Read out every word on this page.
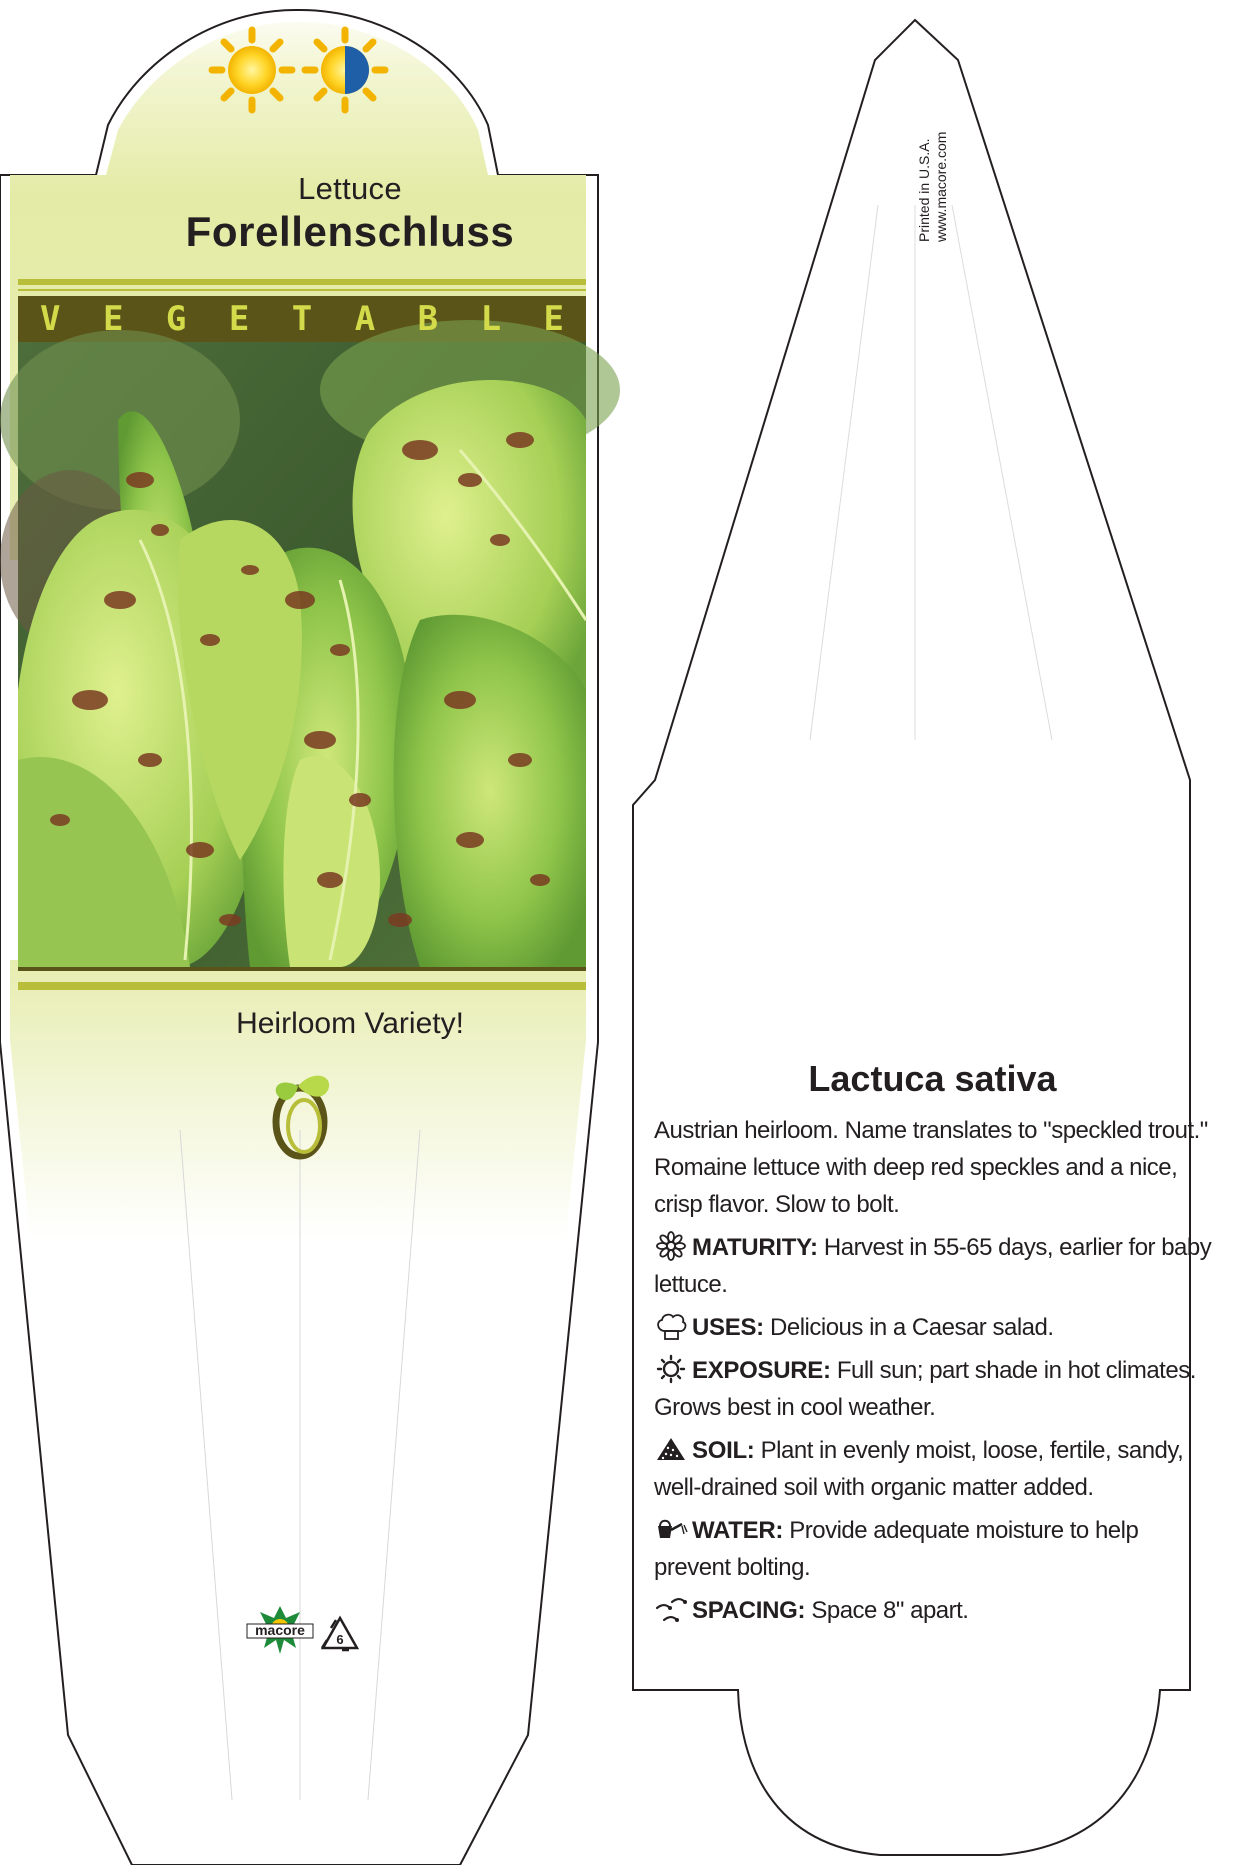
Lettuce
Forellenschluss
V E G E T A B L E
Heirloom Variety!
macore
6
Printed in U.S.A.
www.macore.com
Lactuca sativa

Austrian heirloom. Name translates to "speckled trout." Romaine lettuce with deep red speckles and a nice, crisp flavor. Slow to bolt.

MATURITY: Harvest in 55-65 days, earlier for baby lettuce.

USES: Delicious in a Caesar salad.

EXPOSURE: Full sun; part shade in hot climates. Grows best in cool weather.

SOIL: Plant in evenly moist, loose, fertile, sandy, well-drained soil with organic matter added.

WATER: Provide adequate moisture to help prevent bolting.

SPACING: Space 8" apart.
